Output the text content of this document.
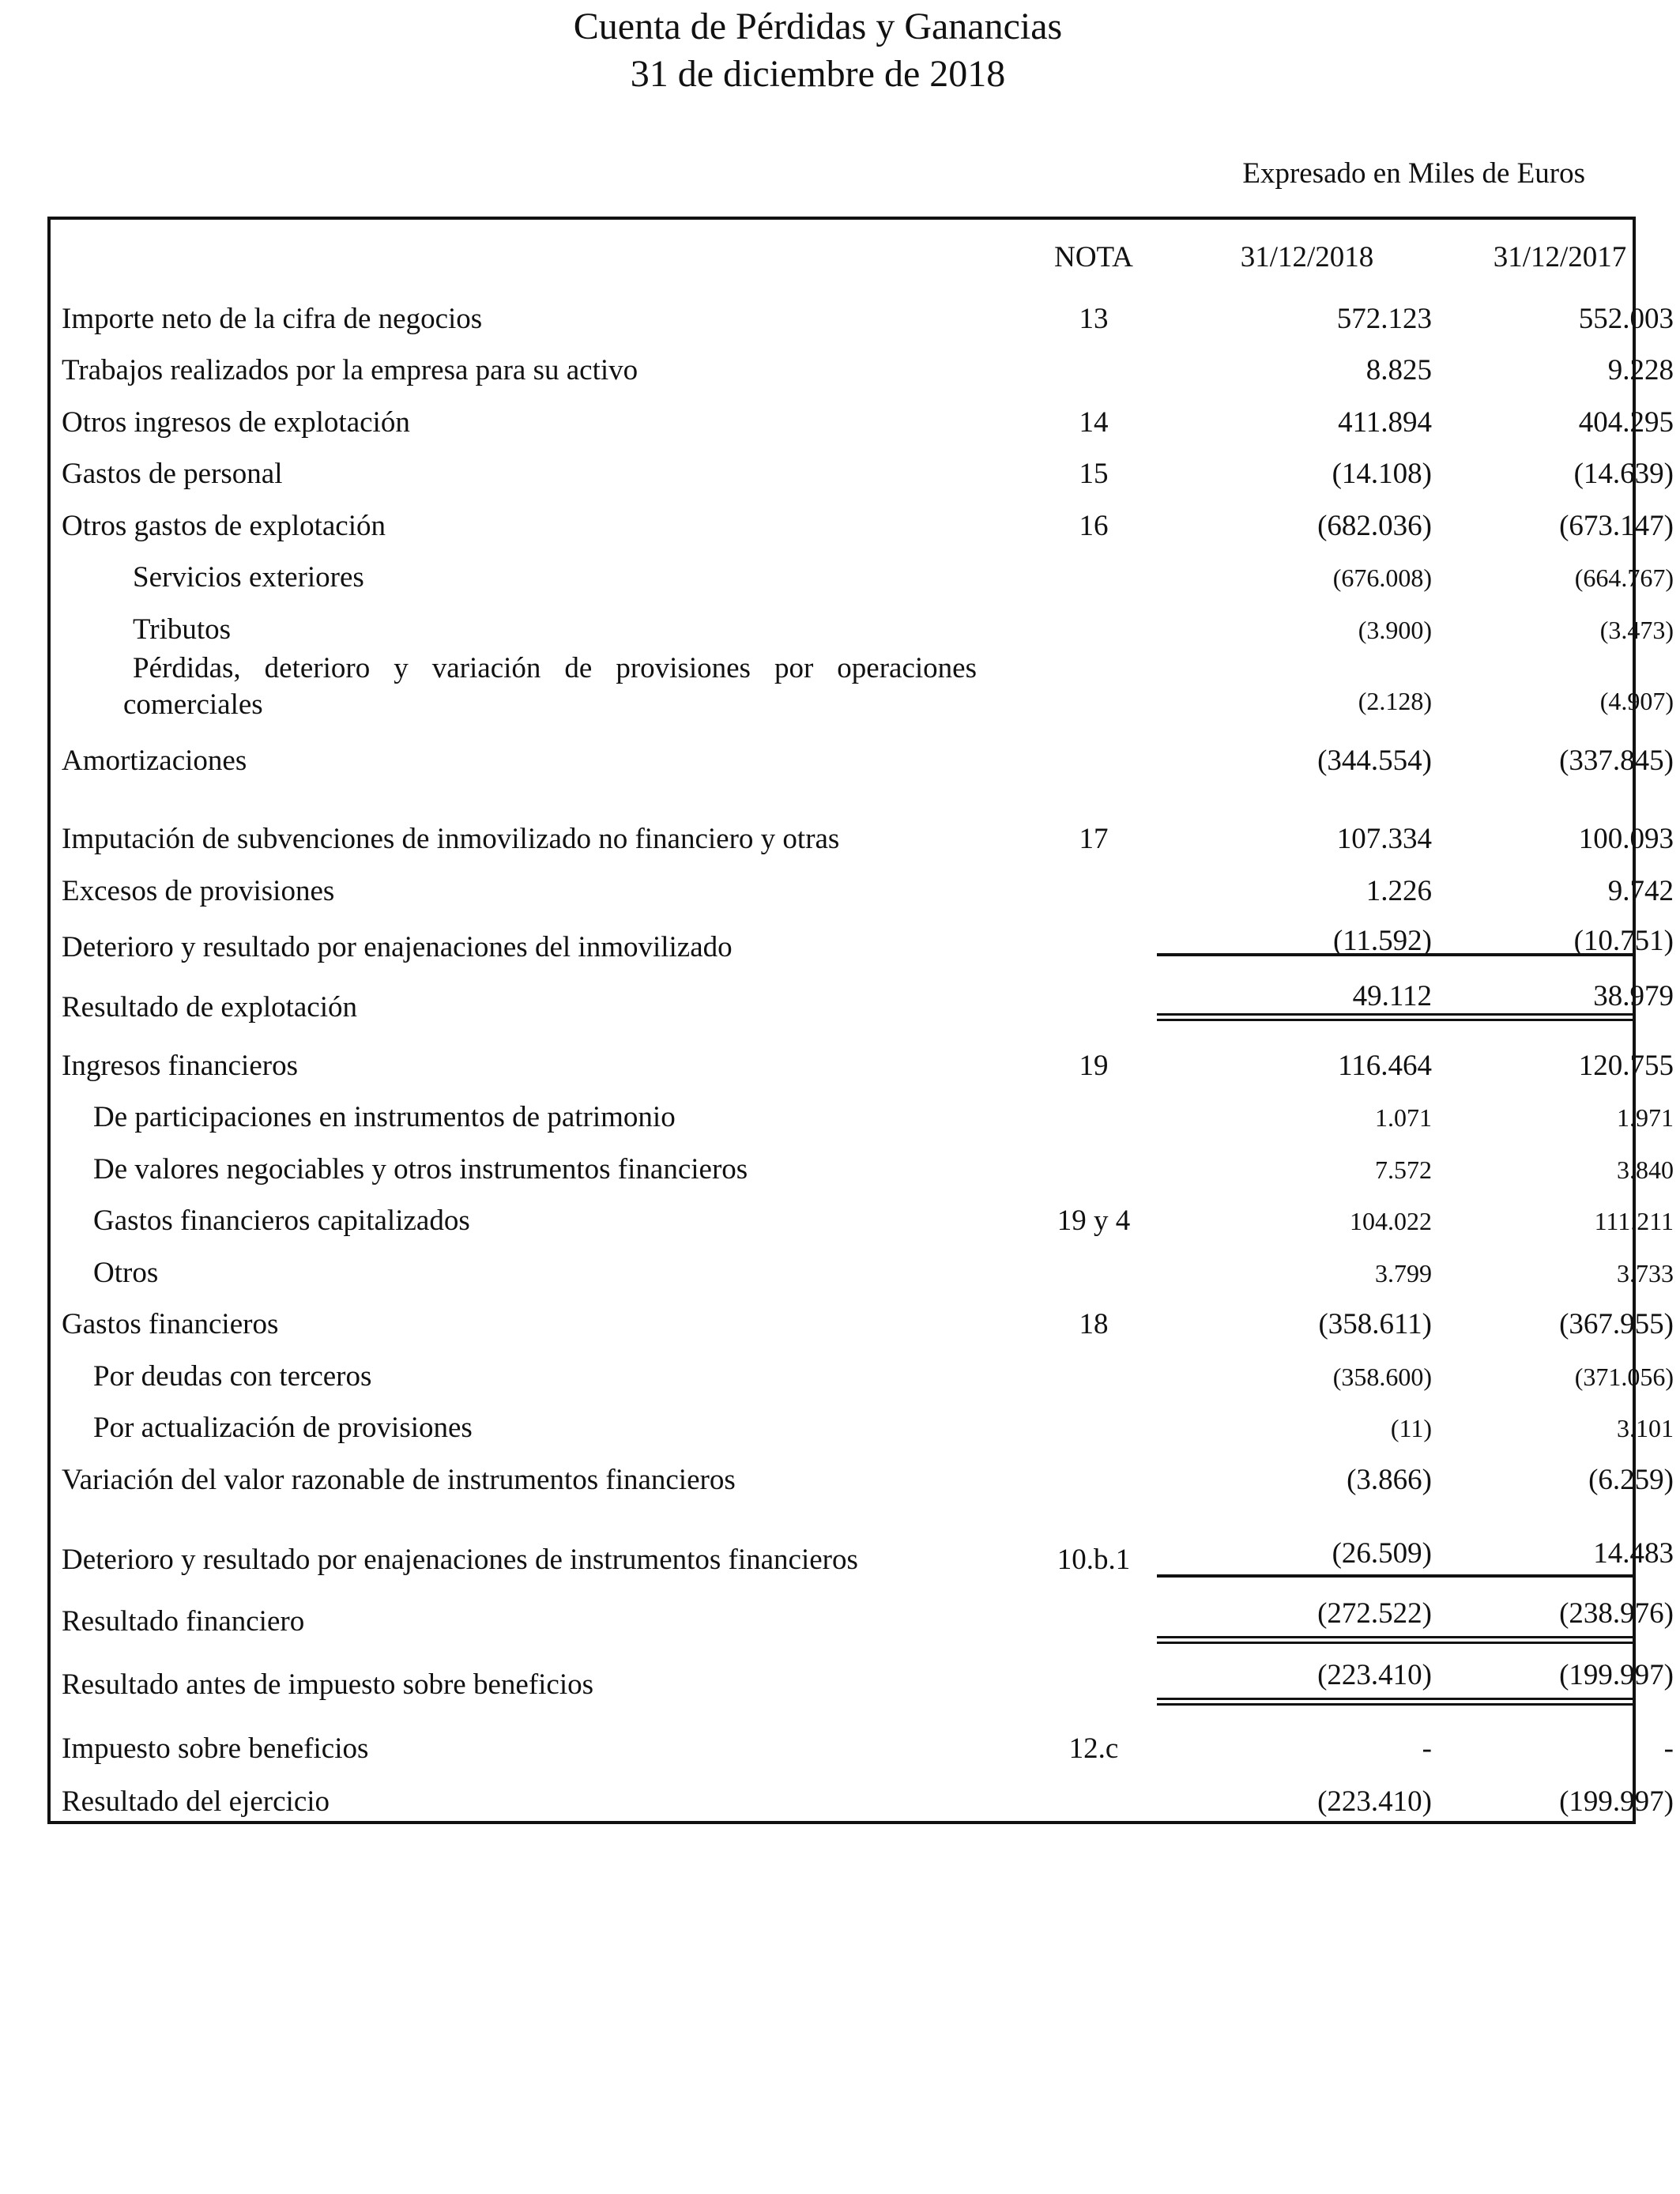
Cuenta de Pérdidas y Ganancias
31 de diciembre de 2018
Expresado en Miles de Euros
NOTA	31/12/2018	31/12/2017
Importe neto de la cifra de negocios	13	572.123	552.003
Trabajos realizados por la empresa para su activo	8.825	9.228
Otros ingresos de explotación	14	411.894	404.295
Gastos de personal	15	(14.108)	(14.639)
Otros gastos de explotación	16	(682.036)	(673.147)
Servicios exteriores	(676.008)	(664.767)
Tributos	(3.900)	(3.473)
Pérdidas, deterioro y variación de provisiones por operaciones comerciales	(2.128)	(4.907)
Amortizaciones	(344.554)	(337.845)
Imputación de subvenciones de inmovilizado no financiero y otras	17	107.334	100.093
Excesos de provisiones	1.226	9.742
Deterioro y resultado por enajenaciones del inmovilizado	(11.592)	(10.751)
Resultado de explotación	49.112	38.979
Ingresos financieros	19	116.464	120.755
De participaciones en instrumentos de patrimonio	1.071	1.971
De valores negociables y otros instrumentos financieros	7.572	3.840
Gastos financieros capitalizados	19 y 4	104.022	111.211
Otros	3.799	3.733
Gastos financieros	18	(358.611)	(367.955)
Por deudas con terceros	(358.600)	(371.056)
Por actualización de provisiones	(11)	3.101
Variación del valor razonable de instrumentos financieros	(3.866)	(6.259)
Deterioro y resultado por enajenaciones de instrumentos financieros	10.b.1	(26.509)	14.483
Resultado financiero	(272.522)	(238.976)
Resultado antes de impuesto sobre beneficios	(223.410)	(199.997)
Impuesto sobre beneficios	12.c	-	-
Resultado del ejercicio	(223.410)	(199.997)
